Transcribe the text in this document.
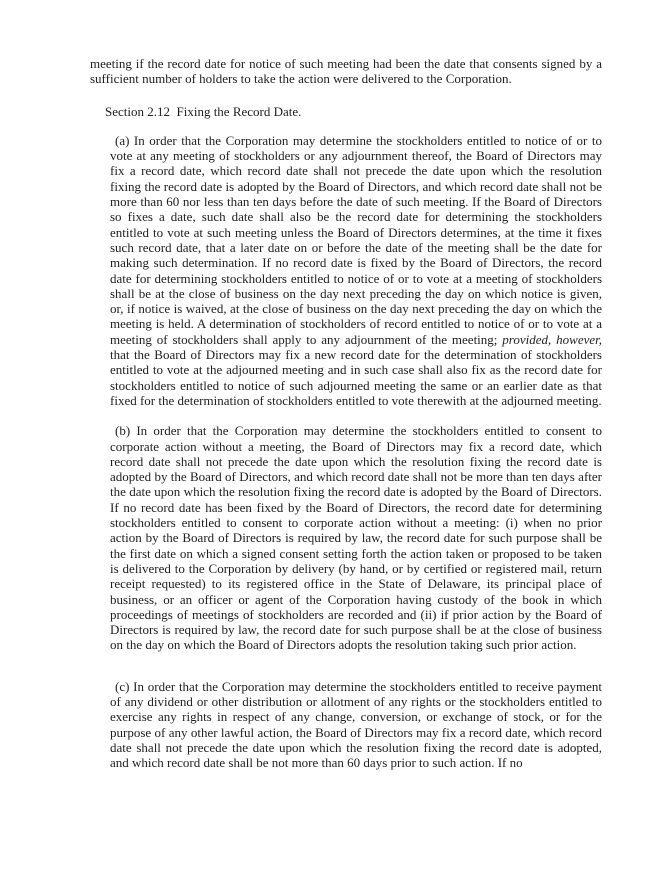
meeting if the record date for notice of such meeting had been the date that consents signed by a sufficient number of holders to take the action were delivered to the Corporation.

Section 2.12  Fixing the Record Date.

(a) In order that the Corporation may determine the stockholders entitled to notice of or to vote at any meeting of stockholders or any adjournment thereof, the Board of Directors may fix a record date, which record date shall not precede the date upon which the resolution fixing the record date is adopted by the Board of Directors, and which record date shall not be more than 60 nor less than ten days before the date of such meeting. If the Board of Directors so fixes a date, such date shall also be the record date for determining the stockholders entitled to vote at such meeting unless the Board of Directors determines, at the time it fixes such record date, that a later date on or before the date of the meeting shall be the date for making such determination. If no record date is fixed by the Board of Directors, the record date for determining stockholders entitled to notice of or to vote at a meeting of stockholders shall be at the close of business on the day next preceding the day on which notice is given, or, if notice is waived, at the close of business on the day next preceding the day on which the meeting is held. A determination of stockholders of record entitled to notice of or to vote at a meeting of stockholders shall apply to any adjournment of the meeting; provided, however, that the Board of Directors may fix a new record date for the determination of stockholders entitled to vote at the adjourned meeting and in such case shall also fix as the record date for stockholders entitled to notice of such adjourned meeting the same or an earlier date as that fixed for the determination of stockholders entitled to vote therewith at the adjourned meeting.

(b) In order that the Corporation may determine the stockholders entitled to consent to corporate action without a meeting, the Board of Directors may fix a record date, which record date shall not precede the date upon which the resolution fixing the record date is adopted by the Board of Directors, and which record date shall not be more than ten days after the date upon which the resolution fixing the record date is adopted by the Board of Directors. If no record date has been fixed by the Board of Directors, the record date for determining stockholders entitled to consent to corporate action without a meeting: (i) when no prior action by the Board of Directors is required by law, the record date for such purpose shall be the first date on which a signed consent setting forth the action taken or proposed to be taken is delivered to the Corporation by delivery (by hand, or by certified or registered mail, return receipt requested) to its registered office in the State of Delaware, its principal place of business, or an officer or agent of the Corporation having custody of the book in which proceedings of meetings of stockholders are recorded and (ii) if prior action by the Board of Directors is required by law, the record date for such purpose shall be at the close of business on the day on which the Board of Directors adopts the resolution taking such prior action.

(c) In order that the Corporation may determine the stockholders entitled to receive payment of any dividend or other distribution or allotment of any rights or the stockholders entitled to exercise any rights in respect of any change, conversion, or exchange of stock, or for the purpose of any other lawful action, the Board of Directors may fix a record date, which record date shall not precede the date upon which the resolution fixing the record date is adopted, and which record date shall be not more than 60 days prior to such action. If no
